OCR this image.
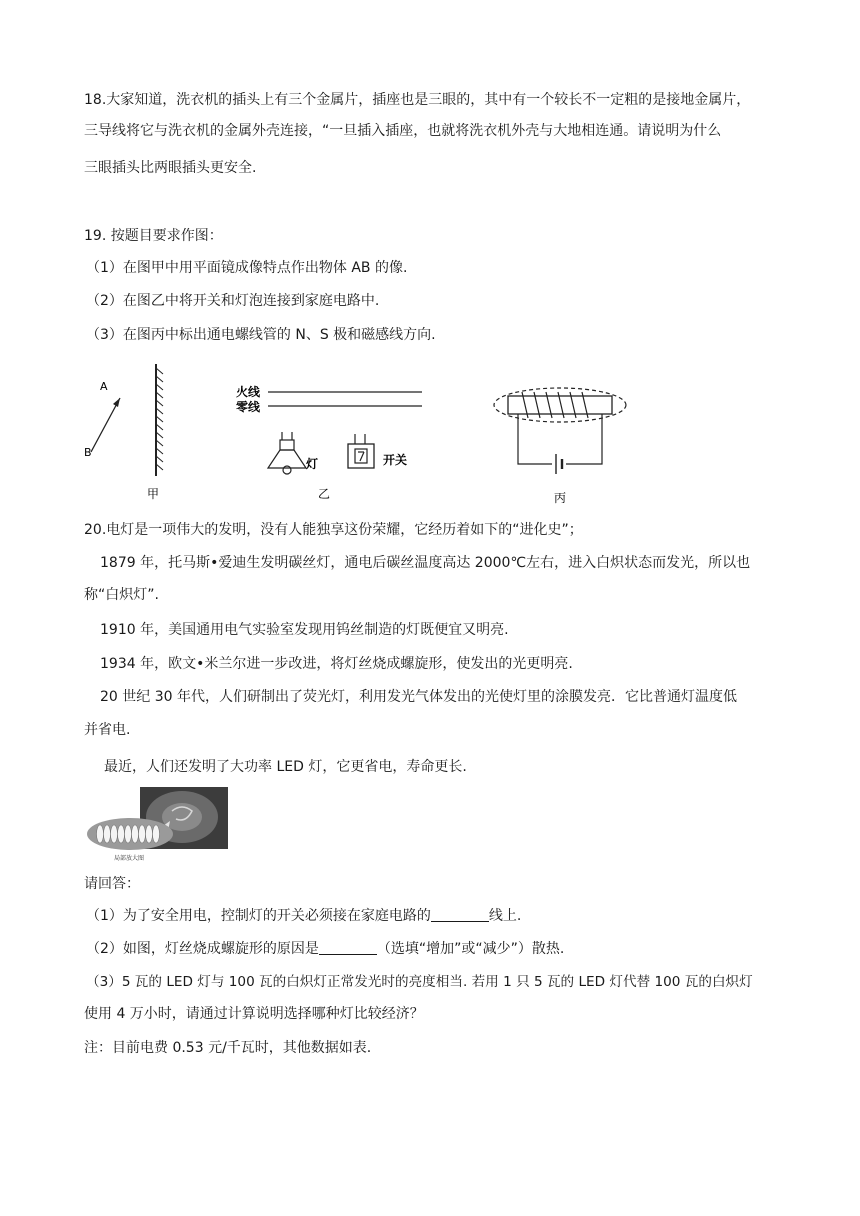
18.大家知道，洗衣机的插头上有三个金属片，插座也是三眼的，其中有一个较长不一定粗的是接地金属片，
三导线将它与洗衣机的金属外壳连接，“一旦插入插座，也就将洗衣机外壳与大地相连通。请说明为什么
三眼插头比两眼插头更安全.
19. 按题目要求作图：
（1）在图甲中用平面镜成像特点作出物体 AB 的像.
（2）在图乙中将开关和灯泡连接到家庭电路中.
（3）在图丙中标出通电螺线管的 N、S 极和磁感线方向.
A
B
甲
火线
零线
灯	开关
乙	丙
20.电灯是一项伟大的发明，没有人能独享这份荣耀，它经历着如下的“进化史”；
1879 年，托马斯•爱迪生发明碳丝灯，通电后碳丝温度高达 2000℃左右，进入白炽状态而发光，所以也
称“白炽灯”.
1910 年，美国通用电气实验室发现用钨丝制造的灯既便宜又明亮.
1934 年，欧文•米兰尔进一步改进，将灯丝烧成螺旋形，使发出的光更明亮.
20 世纪 30 年代，人们研制出了荧光灯，利用发光气体发出的光使灯里的涂膜发亮．它比普通灯温度低
并省电.
最近，人们还发明了大功率 LED 灯，它更省电，寿命更长.
局部放大图
请回答：
（1）为了安全用电，控制灯的开关必须接在家庭电路的	线上.
（2）如图，灯丝烧成螺旋形的原因是	（选填“增加”或“减少”）散热.
（3）5 瓦的 LED 灯与 100 瓦的白炽灯正常发光时的亮度相当. 若用 1 只 5 瓦的 LED 灯代替 100 瓦的白炽灯
使用 4 万小时，请通过计算说明选择哪种灯比较经济？
注：目前电费 0.53 元/千瓦时，其他数据如表.
